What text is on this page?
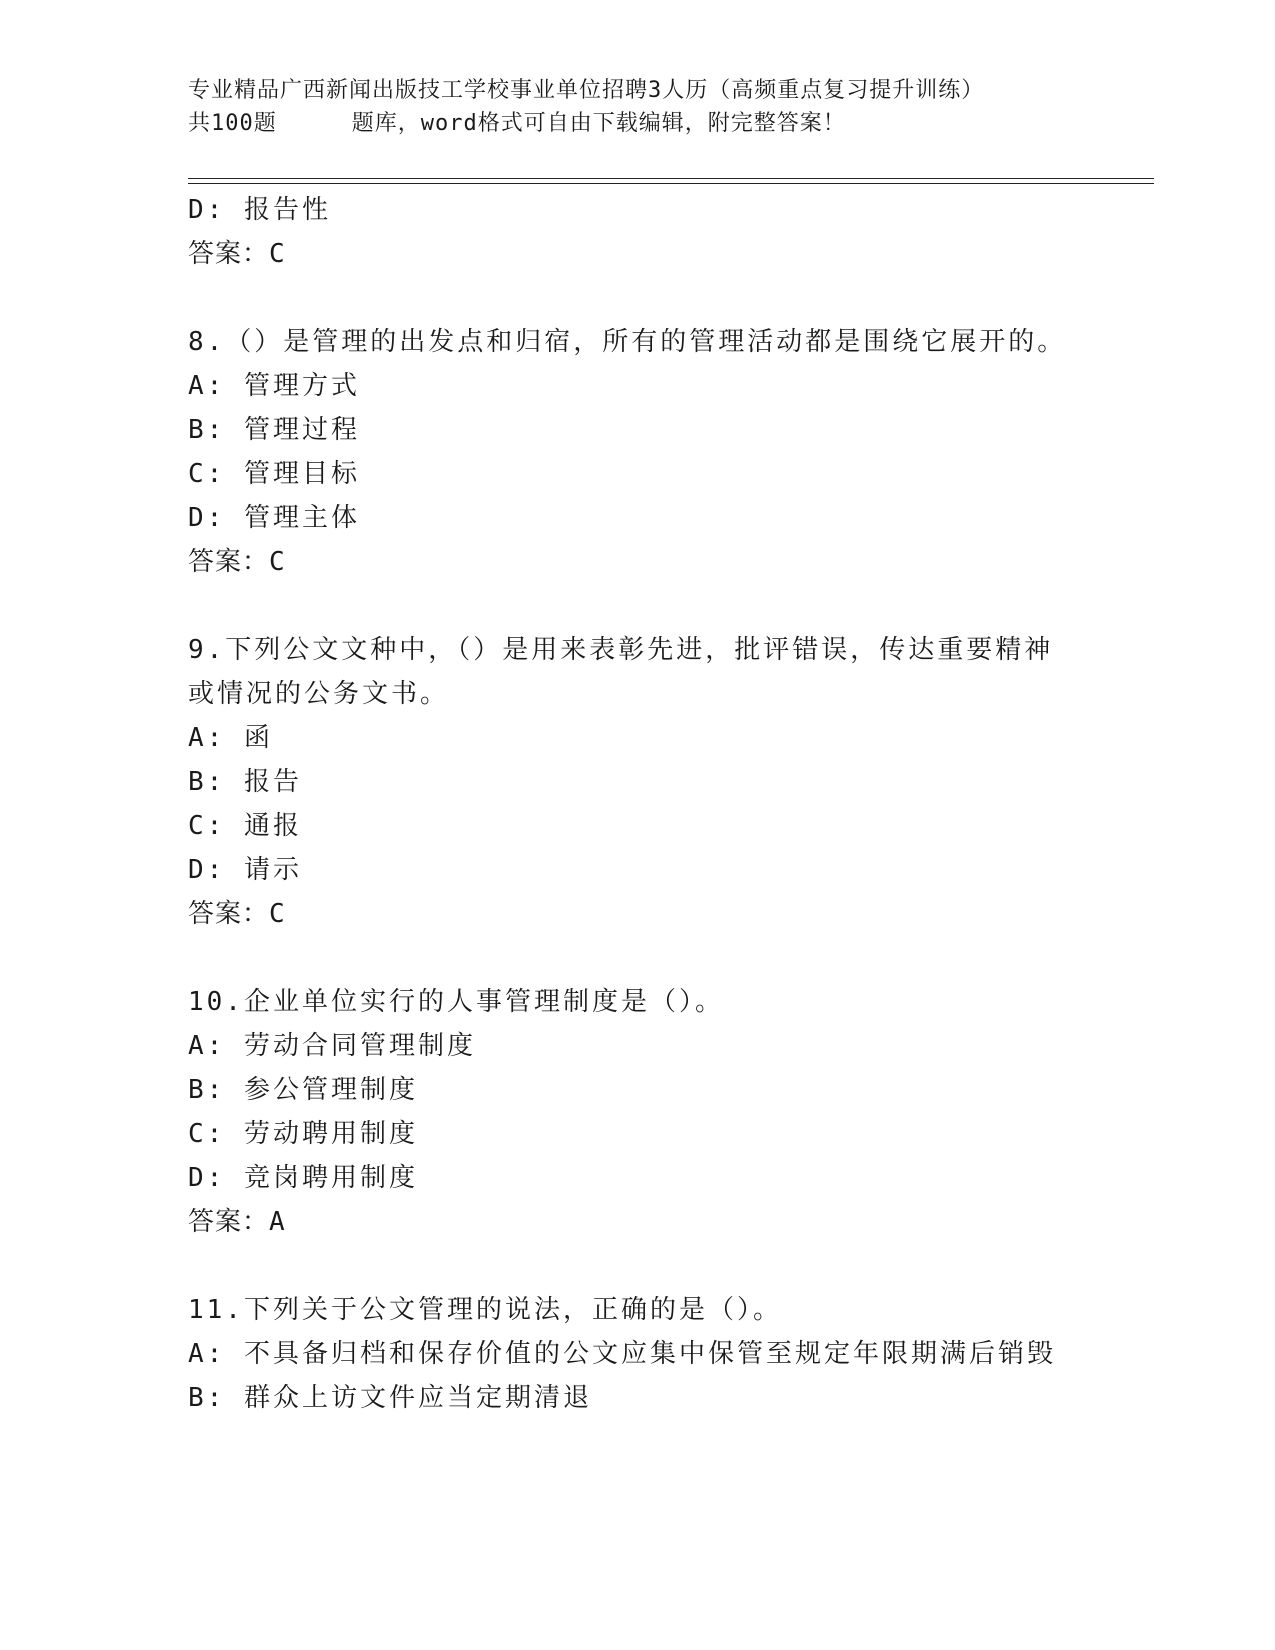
专业精品广西新闻出版技工学校事业单位招聘3人历（高频重点复习提升训练）
共100题	题库，word格式可自由下载编辑，附完整答案！
D: 报告性
答案：C
8.（）是管理的出发点和归宿，所有的管理活动都是围绕它展开的。
A: 管理方式
B: 管理过程
C: 管理目标
D: 管理主体
答案：C
9.下列公文文种中，（）是用来表彰先进，批评错误，传达重要精神
或情况的公务文书。
A: 函
B: 报告
C: 通报
D: 请示
答案：C
10.企业单位实行的人事管理制度是（）。
A: 劳动合同管理制度
B: 参公管理制度
C: 劳动聘用制度
D: 竞岗聘用制度
答案：A
11.下列关于公文管理的说法，正确的是（）。
A: 不具备归档和保存价值的公文应集中保管至规定年限期满后销毁
B: 群众上访文件应当定期清退
